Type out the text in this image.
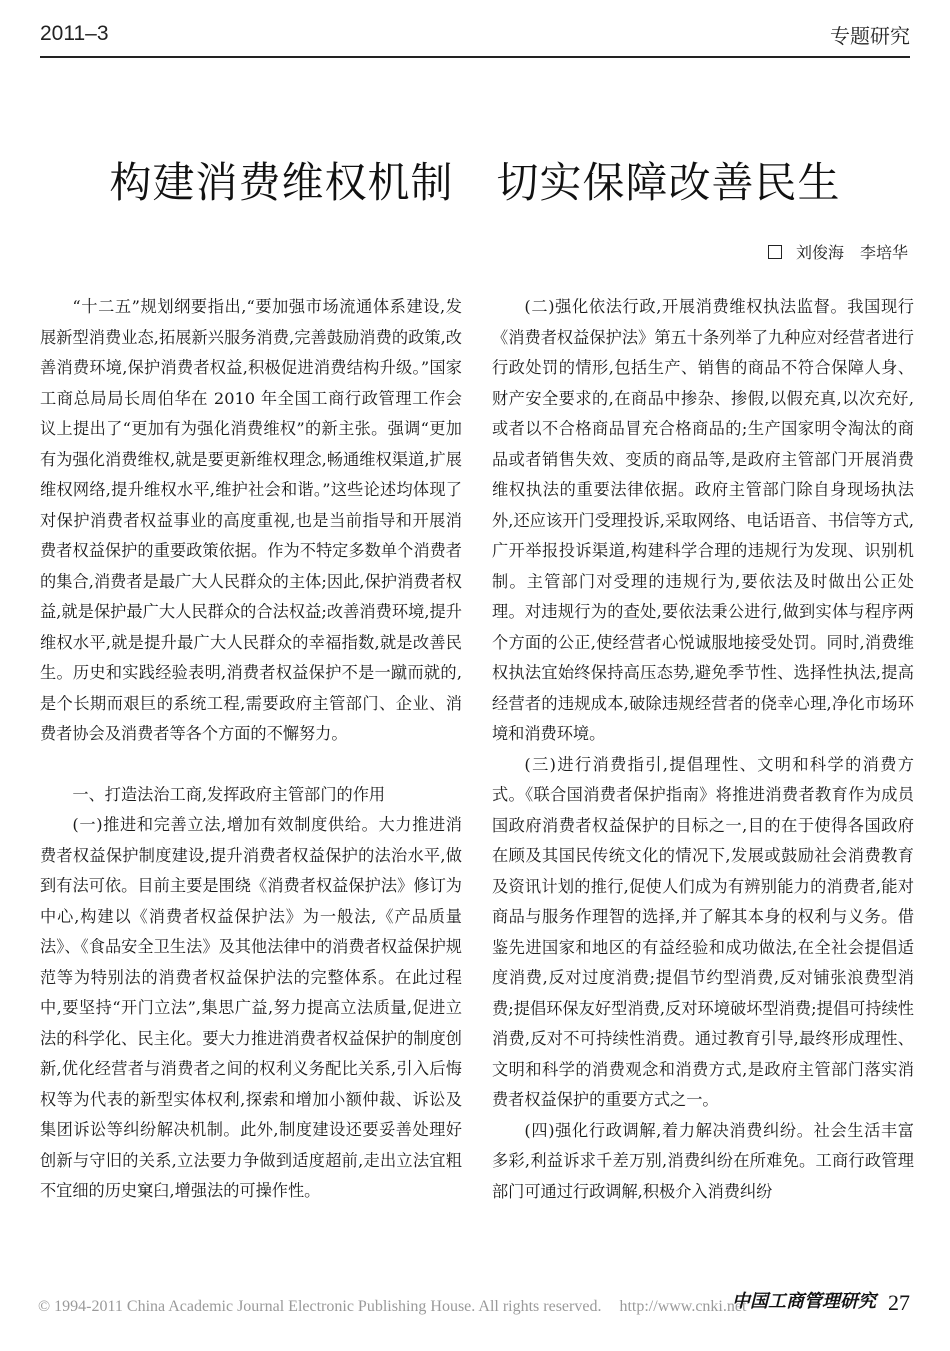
2011–3	专题研究
构建消费维权机制　切实保障改善民生
刘俊海　李培华

“十二五”规划纲要指出,“要加强市场流通体系建设,发展新型消费业态,拓展新兴服务消费,完善鼓励消费的政策,改善消费环境,保护消费者权益,积极促进消费结构升级。”国家工商总局局长周伯华在 2010 年全国工商行政管理工作会议上提出了“更加有为强化消费维权”的新主张。强调“更加有为强化消费维权,就是要更新维权理念,畅通维权渠道,扩展维权网络,提升维权水平,维护社会和谐。”这些论述均体现了对保护消费者权益事业的高度重视,也是当前指导和开展消费者权益保护的重要政策依据。作为不特定多数单个消费者的集合,消费者是最广大人民群众的主体;因此,保护消费者权益,就是保护最广大人民群众的合法权益;改善消费环境,提升维权水平,就是提升最广大人民群众的幸福指数,就是改善民生。历史和实践经验表明,消费者权益保护不是一蹴而就的,是个长期而艰巨的系统工程,需要政府主管部门、企业、消费者协会及消费者等各个方面的不懈努力。

一、打造法治工商,发挥政府主管部门的作用

(一)推进和完善立法,增加有效制度供给。大力推进消费者权益保护制度建设,提升消费者权益保护的法治水平,做到有法可依。目前主要是围绕《消费者权益保护法》修订为中心,构建以《消费者权益保护法》为一般法,《产品质量法》、《食品安全卫生法》及其他法律中的消费者权益保护规范等为特别法的消费者权益保护法的完整体系。在此过程中,要坚持“开门立法”,集思广益,努力提高立法质量,促进立法的科学化、民主化。要大力推进消费者权益保护的制度创新,优化经营者与消费者之间的权利义务配比关系,引入后悔权等为代表的新型实体权利,探索和增加小额仲裁、诉讼及集团诉讼等纠纷解决机制。此外,制度建设还要妥善处理好创新与守旧的关系,立法要力争做到适度超前,走出立法宜粗不宜细的历史窠臼,增强法的可操作性。

(二)强化依法行政,开展消费维权执法监督。我国现行《消费者权益保护法》第五十条列举了九种应对经营者进行行政处罚的情形,包括生产、销售的商品不符合保障人身、财产安全要求的,在商品中掺杂、掺假,以假充真,以次充好,或者以不合格商品冒充合格商品的;生产国家明令淘汰的商品或者销售失效、变质的商品等,是政府主管部门开展消费维权执法的重要法律依据。政府主管部门除自身现场执法外,还应该开门受理投诉,采取网络、电话语音、书信等方式,广开举报投诉渠道,构建科学合理的违规行为发现、识别机制。主管部门对受理的违规行为,要依法及时做出公正处理。对违规行为的查处,要依法秉公进行,做到实体与程序两个方面的公正,使经营者心悦诚服地接受处罚。同时,消费维权执法宜始终保持高压态势,避免季节性、选择性执法,提高经营者的违规成本,破除违规经营者的侥幸心理,净化市场环境和消费环境。

(三)进行消费指引,提倡理性、文明和科学的消费方式。《联合国消费者保护指南》将推进消费者教育作为成员国政府消费者权益保护的目标之一,目的在于使得各国政府在顾及其国民传统文化的情况下,发展或鼓励社会消费教育及资讯计划的推行,促使人们成为有辨别能力的消费者,能对商品与服务作理智的选择,并了解其本身的权利与义务。借鉴先进国家和地区的有益经验和成功做法,在全社会提倡适度消费,反对过度消费;提倡节约型消费,反对铺张浪费型消费;提倡环保友好型消费,反对环境破坏型消费;提倡可持续性消费,反对不可持续性消费。通过教育引导,最终形成理性、文明和科学的消费观念和消费方式,是政府主管部门落实消费者权益保护的重要方式之一。

(四)强化行政调解,着力解决消费纠纷。社会生活丰富多彩,利益诉求千差万别,消费纠纷在所难免。工商行政管理部门可通过行政调解,积极介入消费纠纷

© 1994-2011 China Academic Journal Electronic Publishing House. All rights reserved. http://www.cnki.net
中国工商管理研究 27
